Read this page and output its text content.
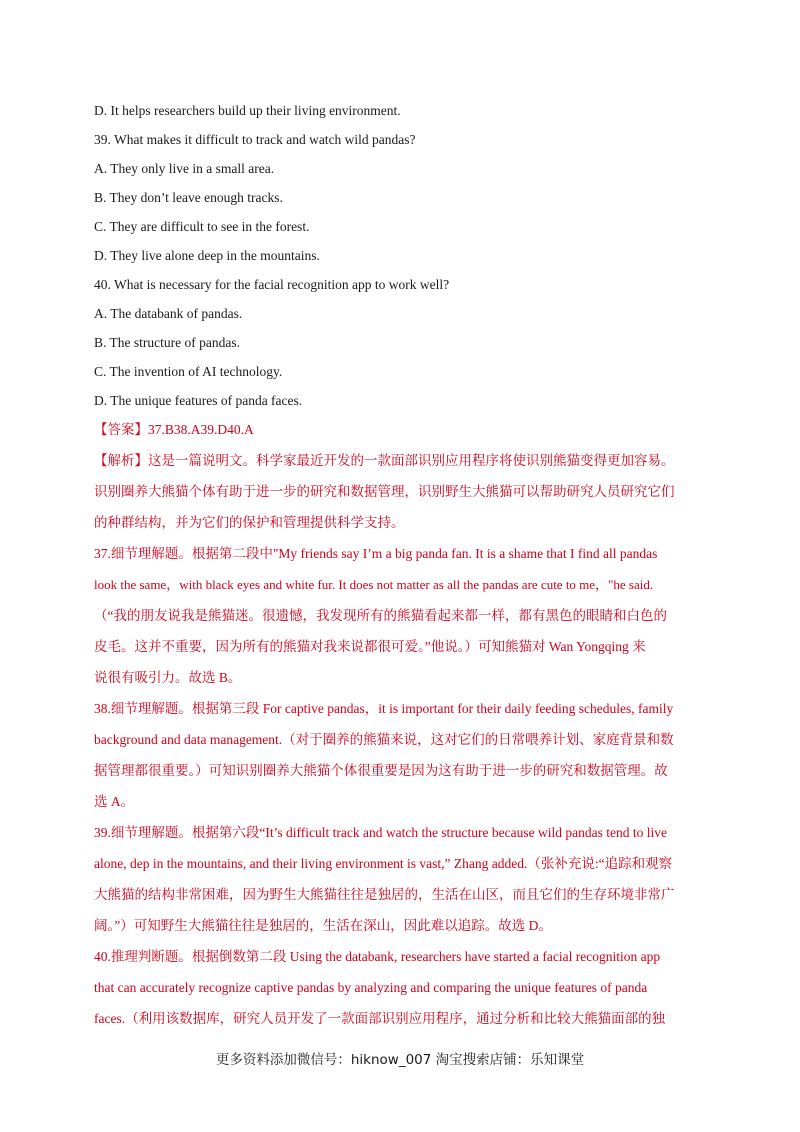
D. It helps researchers build up their living environment.

39. What makes it difficult to track and watch wild pandas?

A. They only live in a small area.

B. They don’t leave enough tracks.

C. They are difficult to see in the forest.

D. They live alone deep in the mountains.

40. What is necessary for the facial recognition app to work well?

A. The databank of pandas.

B. The structure of pandas.

C. The invention of AI technology.

D. The unique features of panda faces.

【答案】37.B38.A39.D40.A

【解析】这是一篇说明文。科学家最近开发的一款面部识别应用程序将使识别熊猫变得更加容易。

识别圈养大熊猫个体有助于进一步的研究和数据管理，识别野生大熊猫可以帮助研究人员研究它们

的种群结构，并为它们的保护和管理提供科学支持。

37.细节理解题。根据第二段中"My friends say I’m a big panda fan. It is a shame that I find all pandas

look the same，with black eyes and white fur. It does not matter as all the pandas are cute to me，"he said.

（“我的朋友说我是熊猫迷。很遗憾，我发现所有的熊猫看起来都一样，都有黑色的眼睛和白色的

皮毛。这并不重要，因为所有的熊猫对我来说都很可爱。”他说。）可知熊猫对 Wan Yongqing 来

说很有吸引力。故选 B。

38.细节理解题。根据第三段 For captive pandas，it is important for their daily feeding schedules, family

background and data management.（对于圈养的熊猫来说，这对它们的日常喂养计划、家庭背景和数

据管理都很重要。）可知识别圈养大熊猫个体很重要是因为这有助于进一步的研究和数据管理。故

选 A。

39.细节理解题。根据第六段“It’s difficult track and watch the structure because wild pandas tend to live

alone, dep in the mountains, and their living environment is vast,” Zhang added.（张补充说:“追踪和观察

大熊猫的结构非常困难，因为野生大熊猫往往是独居的，生活在山区，而且它们的生存环境非常广

阔。”）可知野生大熊猫往往是独居的，生活在深山，因此难以追踪。故选 D。

40.推理判断题。根据倒数第二段 Using the databank, researchers have started a facial recognition app

that can accurately recognize captive pandas by analyzing and comparing the unique features of panda

faces.（利用该数据库，研究人员开发了一款面部识别应用程序，通过分析和比较大熊猫面部的独

更多资料添加微信号：hiknow_007 淘宝搜索店铺：乐知课堂
